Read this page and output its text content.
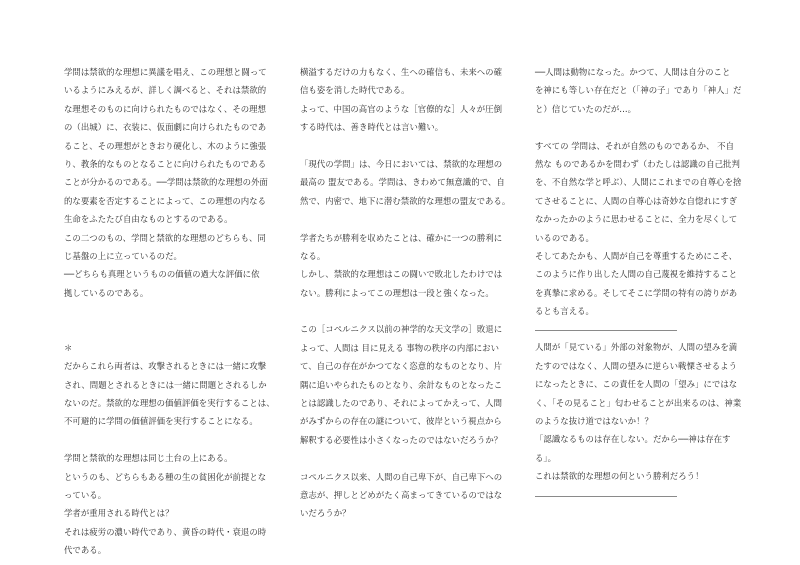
学問は禁欲的な理想に異議を唱え、この理想と闘って
いるようにみえるが、詳しく調べると、それは禁欲的
な理想そのものに向けられたものではなく、その理想
の（出城）に、衣装に、仮面劇に向けられたものであ
ること、その理想がときおり硬化し、木のように強張
り、教条的なものとなることに向けられたものである
ことが分かるのである。──学問は禁欲的な理想の外面
的な要素を否定することによって、この理想の内なる
生命をふたたび自由なものとするのである。
この二つのもの、学問と禁欲的な理想のどちらも、同
じ基盤の上に立っているのだ。
──どちらも真理というものの価値の過大な評価に依
拠しているのである。
＊
だからこれら両者は、攻撃されるときには一緒に攻撃
され、問題とされるときには一緒に問題とされるしか
ないのだ。禁欲的な理想の価値評価を実行することは、
不可避的に学問の価値評価を実行することになる。
学問と禁欲的な理想は同じ土台の上にある。
というのも、どちらもある種の生の貧困化が前提とな
っている。
学者が重用される時代とは？
それは疲労の濃い時代であり、黄昏の時代・衰退の時
代である。
横溢するだけの力もなく、生への確信も、未来への確
信も姿を消した時代である。
よって、中国の高官のような［官僚的な］人々が圧倒
する時代は、善き時代とは言い難い。
「現代の学問」は、今日においては、禁欲的な理想の
最高の 盟友である。学問は、きわめて無意識的で、自
然で、内密で、地下に潜む禁欲的な理想の盟友である。
学者たちが勝利を収めたことは、確かに一つの勝利に
なる。
しかし、禁欲的な理想はこの闘いで敗北したわけでは
ない。勝利によってこの理想は一段と強くなった。
この［コペルニクス以前の神学的な天文学の］敗退に
よって、人間は 目に見える 事物の秩序の内部におい
て、自己の存在がかつてなく恣意的なものとなり、片
隅に追いやられたものとなり、余計なものとなったこ
とは認識したのであり、それによってかえって、人間
がみずからの存在の謎について、彼岸という視点から
解釈する必要性は小さくなったのではないだろうか？
コペルニクス以来、人間の自己卑下が、自己卑下への
意志が、押しとどめがたく高まってきているのではな
いだろうか？
──人間は動物になった。かつて、人間は自分のこと
を神にも等しい存在だと（「神の子」であり「神人」だ
と）信じていたのだが…。
すべての 学問は、それが自然のものであるか、 不自
然な ものであるかを問わず（わたしは認識の自己批判
を、不自然な学と呼ぶ）、人間にこれまでの自尊心を捨
てさせることに、人間の自尊心は奇妙な自惚れにすぎ
なかったかのように思わせることに、全力を尽くして
いるのである。
そしてあたかも、人間が自己を尊重するためにこそ、
このように作り出した人間の自己蔑視を維持すること
を真摯に求める。そしてそこに学問の特有の誇りがあ
るとも言える。
人間が「見ている」外部の対象物が、人間の望みを満
たすのではなく、人間の望みに逆らい戦慄させるよう
になったときに、この責任を人間の「望み」にではな
く、「その見ること」匂わせることが出来るのは、神業
のような抜け道ではないか！？
「認識なるものは存在しない。だから──神は存在す
る」。
これは禁欲的な理想の何という勝利だろう！
